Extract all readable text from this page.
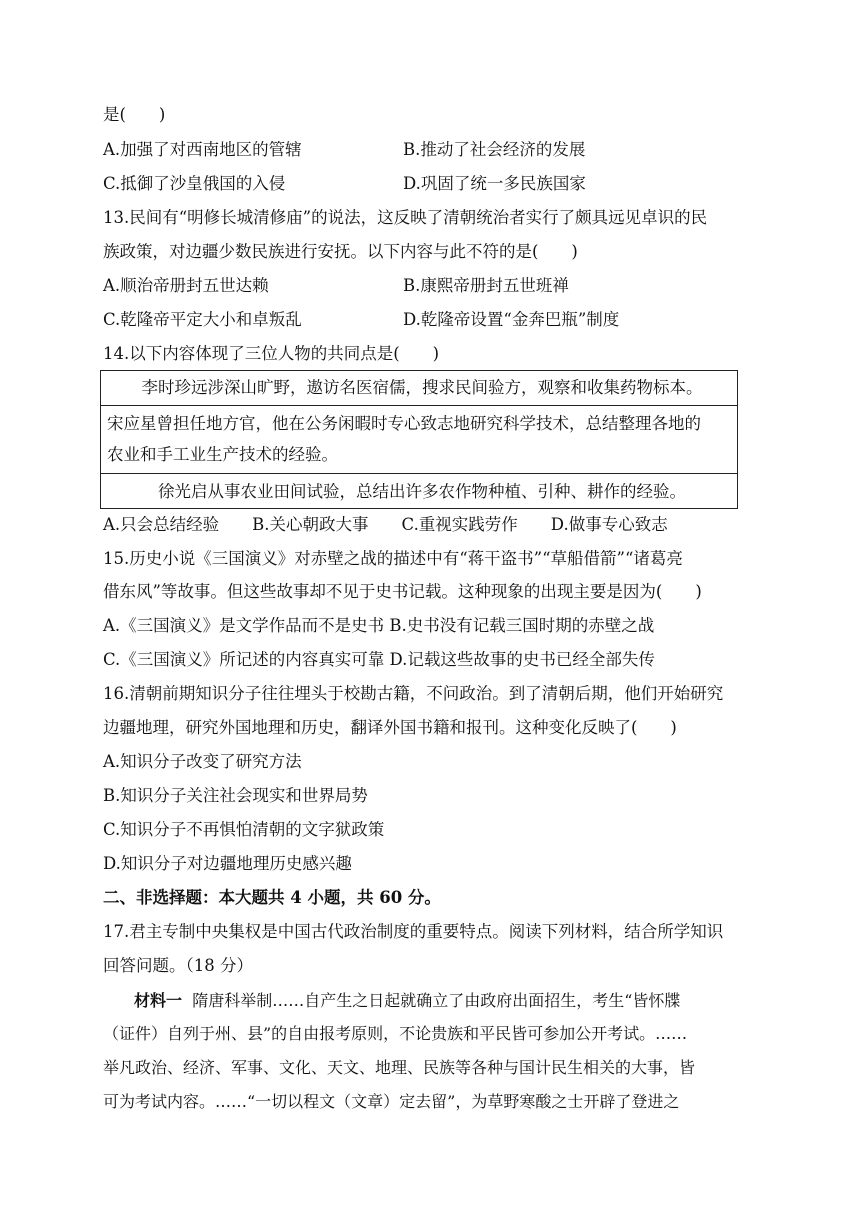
是(　　)
A.加强了对西南地区的管辖	B.推动了社会经济的发展
C.抵御了沙皇俄国的入侵	D.巩固了统一多民族国家
13.民间有“明修长城清修庙”的说法，这反映了清朝统治者实行了颇具远见卓识的民
族政策，对边疆少数民族进行安抚。以下内容与此不符的是(　　)
A.顺治帝册封五世达赖	B.康熙帝册封五世班禅
C.乾隆帝平定大小和卓叛乱	D.乾隆帝设置“金奔巴瓶”制度
14.以下内容体现了三位人物的共同点是(　　)
李时珍远涉深山旷野，遨访名医宿儒，搜求民间验方，观察和收集药物标本。

宋应星曾担任地方官，他在公务闲暇时专心致志地研究科学技术，总结整理各地的
农业和手工业生产技术的经验。

徐光启从事农业田间试验，总结出许多农作物种植、引种、耕作的经验。
A.只会总结经验　　B.关心朝政大事　　C.重视实践劳作　　D.做事专心致志
15.历史小说《三国演义》对赤壁之战的描述中有“蒋干盗书”“草船借箭”“诸葛亮
借东风”等故事。但这些故事却不见于史书记载。这种现象的出现主要是因为(　　)
A.《三国演义》是文学作品而不是史书 B.史书没有记载三国时期的赤壁之战
C.《三国演义》所记述的内容真实可靠 D.记载这些故事的史书已经全部失传
16.清朝前期知识分子往往埋头于校勘古籍，不问政治。到了清朝后期，他们开始研究
边疆地理，研究外国地理和历史，翻译外国书籍和报刊。这种变化反映了(　　)
A.知识分子改变了研究方法
B.知识分子关注社会现实和世界局势
C.知识分子不再惧怕清朝的文字狱政策
D.知识分子对边疆地理历史感兴趣
二、非选择题：本大题共 4 小题，共 60 分。
17.君主专制中央集权是中国古代政治制度的重要特点。阅读下列材料，结合所学知识
回答问题。（18 分）
材料一 隋唐科举制……自产生之日起就确立了由政府出面招生，考生“皆怀牒
（证件）自列于州、县”的自由报考原则，不论贵族和平民皆可参加公开考试。……
举凡政治、经济、军事、文化、天文、地理、民族等各种与国计民生相关的大事，皆
可为考试内容。……“一切以程文（文章）定去留”，为草野寒酸之士开辟了登进之
